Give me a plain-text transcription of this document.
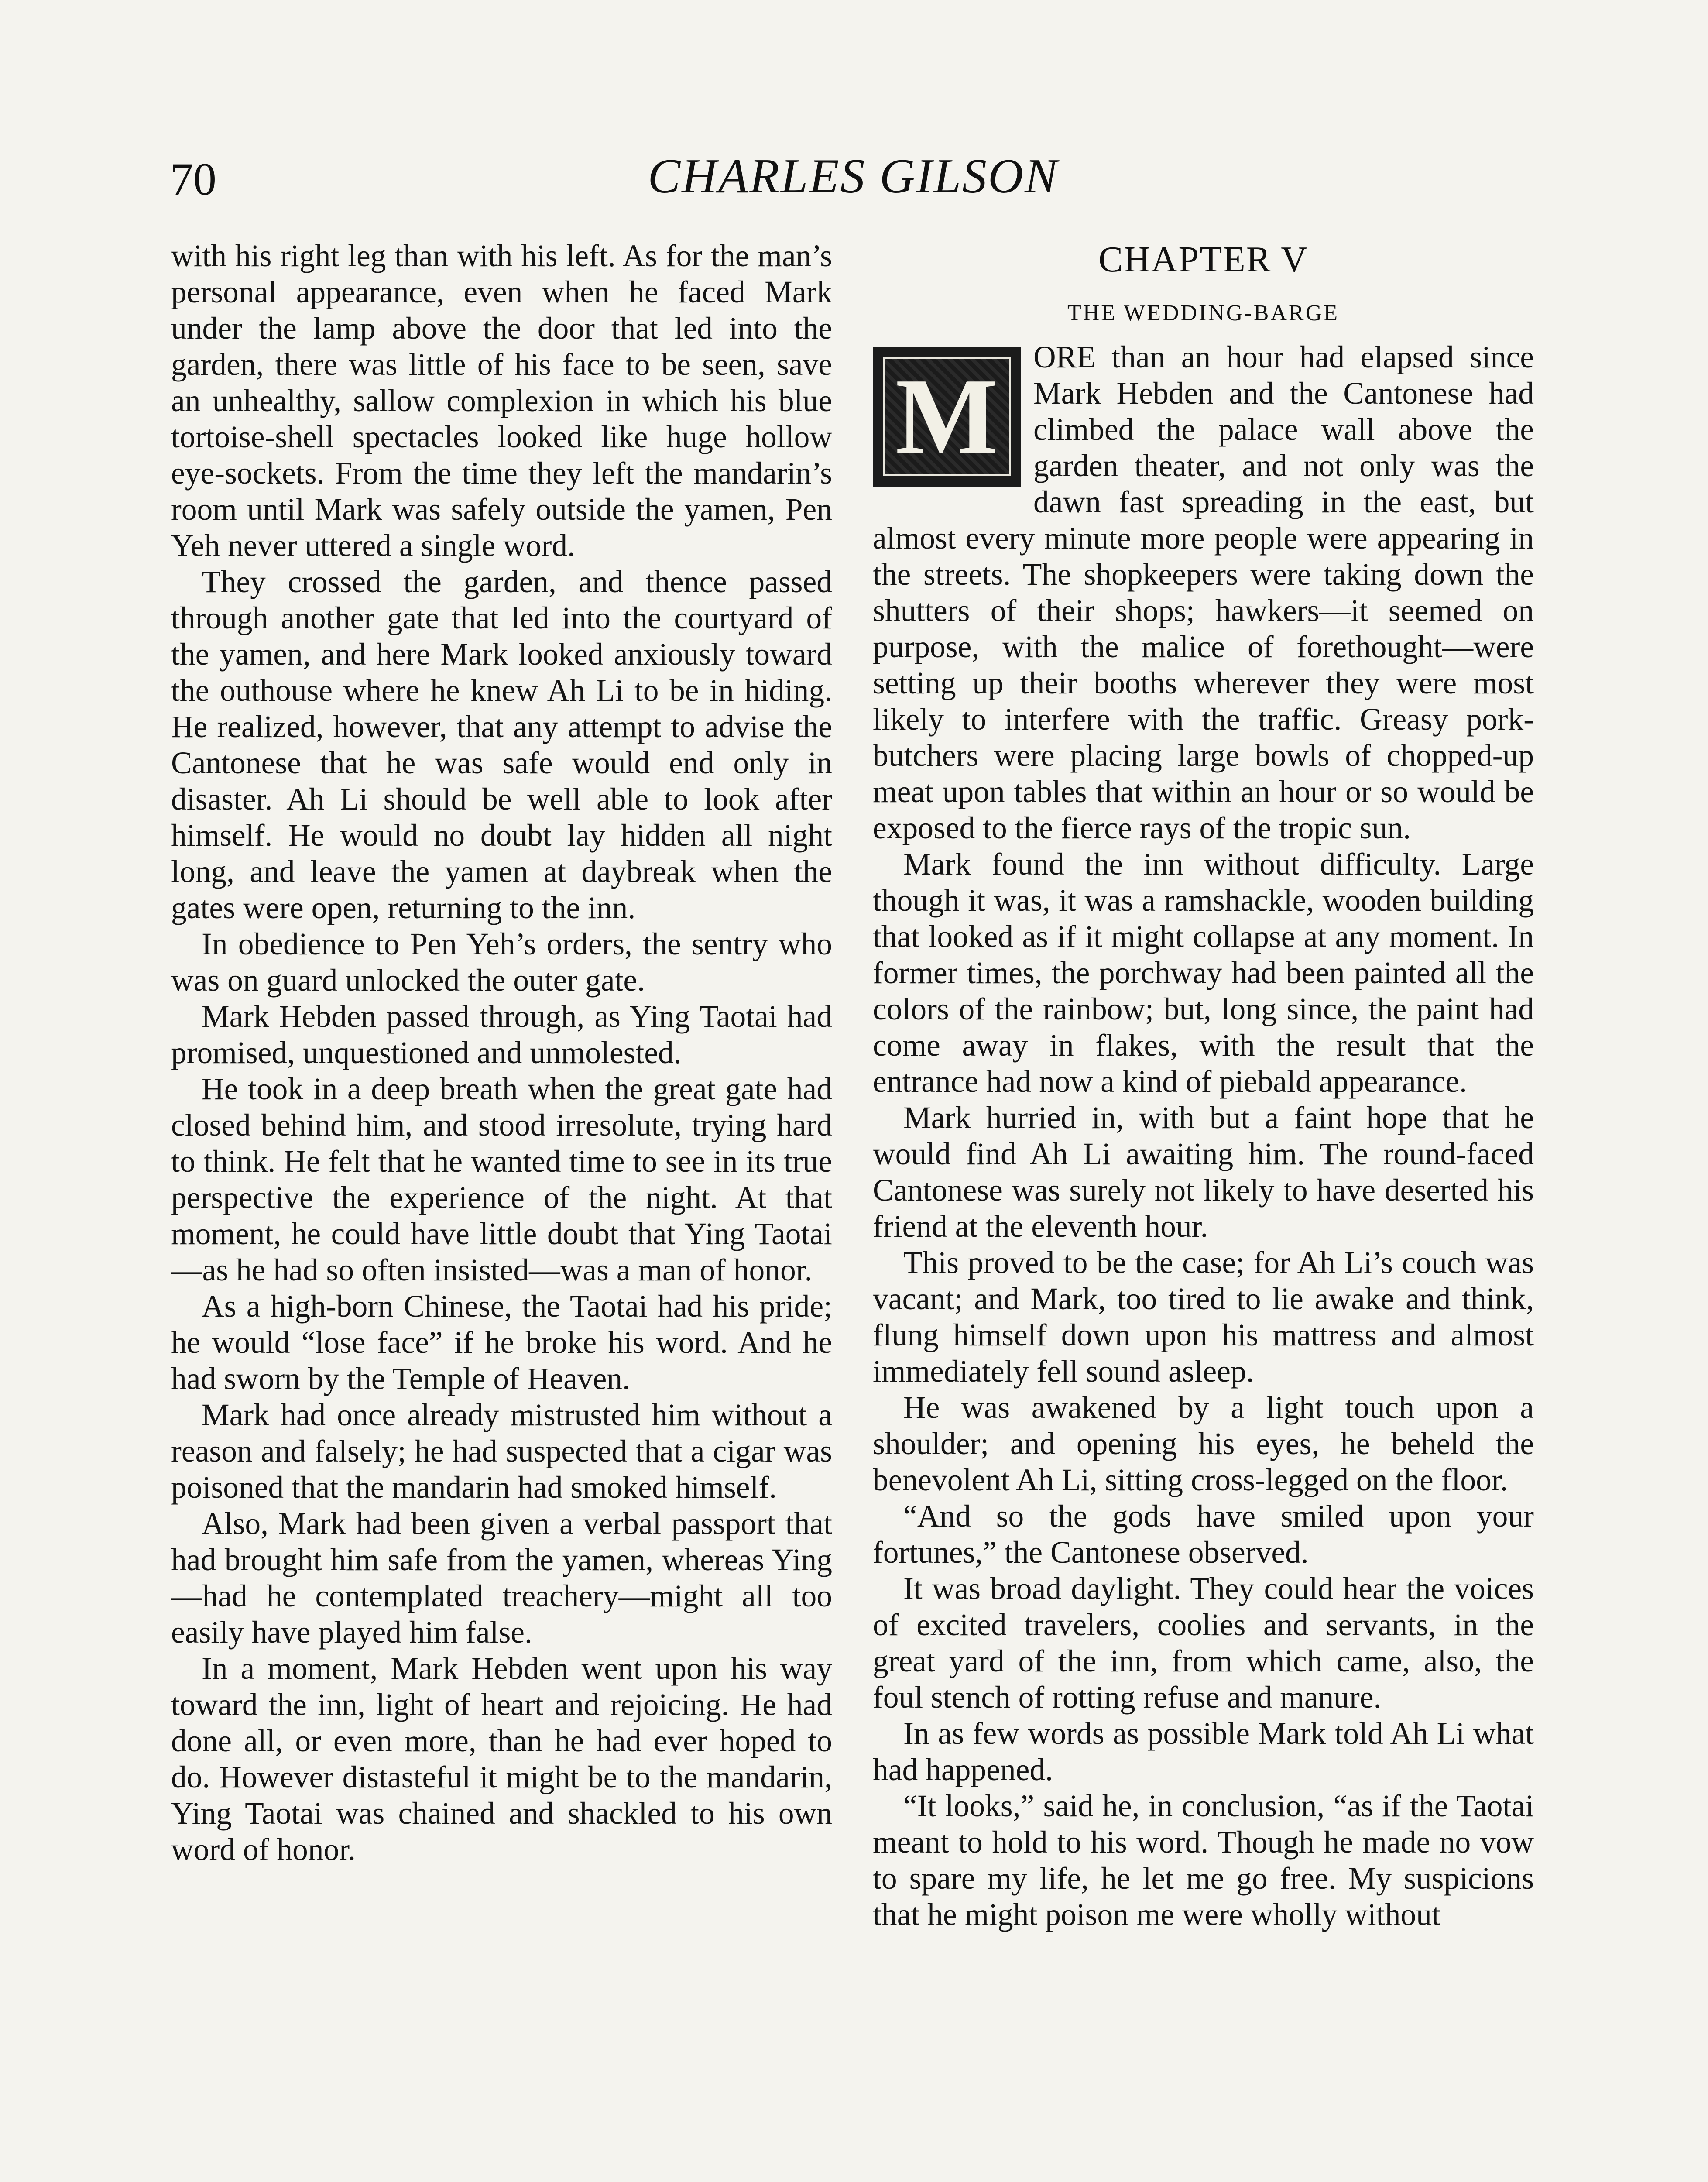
70	CHARLES GILSON

with his right leg than with his left. As for the man’s personal appearance, even when he faced Mark under the lamp above the door that led into the garden, there was little of his face to be seen, save an unhealthy, sallow complexion in which his blue tortoise-shell spectacles looked like huge hollow eye-sockets. From the time they left the mandarin’s room until Mark was safely outside the yamen, Pen Yeh never uttered a single word.

They crossed the garden, and thence passed through another gate that led into the courtyard of the yamen, and here Mark looked anxiously toward the outhouse where he knew Ah Li to be in hiding. He realized, however, that any attempt to advise the Cantonese that he was safe would end only in disaster. Ah Li should be well able to look after himself. He would no doubt lay hidden all night long, and leave the yamen at daybreak when the gates were open, returning to the inn.

In obedience to Pen Yeh’s orders, the sentry who was on guard unlocked the outer gate.

Mark Hebden passed through, as Ying Taotai had promised, unquestioned and unmolested.

He took in a deep breath when the great gate had closed behind him, and stood irresolute, trying hard to think. He felt that he wanted time to see in its true perspective the experience of the night. At that moment, he could have little doubt that Ying Taotai—as he had so often insisted—was a man of honor.

As a high-born Chinese, the Taotai had his pride; he would “lose face” if he broke his word. And he had sworn by the Temple of Heaven.

Mark had once already mistrusted him without a reason and falsely; he had suspected that a cigar was poisoned that the mandarin had smoked himself.

Also, Mark had been given a verbal passport that had brought him safe from the yamen, whereas Ying—had he contemplated treachery—might all too easily have played him false.

In a moment, Mark Hebden went upon his way toward the inn, light of heart and rejoicing. He had done all, or even more, than he had ever hoped to do. However distasteful it might be to the mandarin, Ying Taotai was chained and shackled to his own word of honor.

CHAPTER V
THE WEDDING-BARGE
M	ORE than an hour had elapsed since Mark Hebden and the Cantonese had climbed the palace wall above the garden theater, and not only was the dawn fast spreading in the east, but almost every minute more people were appearing in the streets. The shopkeepers were taking down the shutters of their shops; hawkers—it seemed on purpose, with the malice of forethought—were setting up their booths wherever they were most likely to interfere with the traffic. Greasy pork-butchers were placing large bowls of chopped-up meat upon tables that within an hour or so would be exposed to the fierce rays of the tropic sun.

Mark found the inn without difficulty. Large though it was, it was a ramshackle, wooden building that looked as if it might collapse at any moment. In former times, the porchway had been painted all the colors of the rainbow; but, long since, the paint had come away in flakes, with the result that the entrance had now a kind of piebald appearance.

Mark hurried in, with but a faint hope that he would find Ah Li awaiting him. The round-faced Cantonese was surely not likely to have deserted his friend at the eleventh hour.

This proved to be the case; for Ah Li’s couch was vacant; and Mark, too tired to lie awake and think, flung himself down upon his mattress and almost immediately fell sound asleep.

He was awakened by a light touch upon a shoulder; and opening his eyes, he beheld the benevolent Ah Li, sitting cross-legged on the floor.

“And so the gods have smiled upon your fortunes,” the Cantonese observed.

It was broad daylight. They could hear the voices of excited travelers, coolies and servants, in the great yard of the inn, from which came, also, the foul stench of rotting refuse and manure.

In as few words as possible Mark told Ah Li what had happened.

“It looks,” said he, in conclusion, “as if the Taotai meant to hold to his word. Though he made no vow to spare my life, he let me go free. My suspicions that he might poison me were wholly without
